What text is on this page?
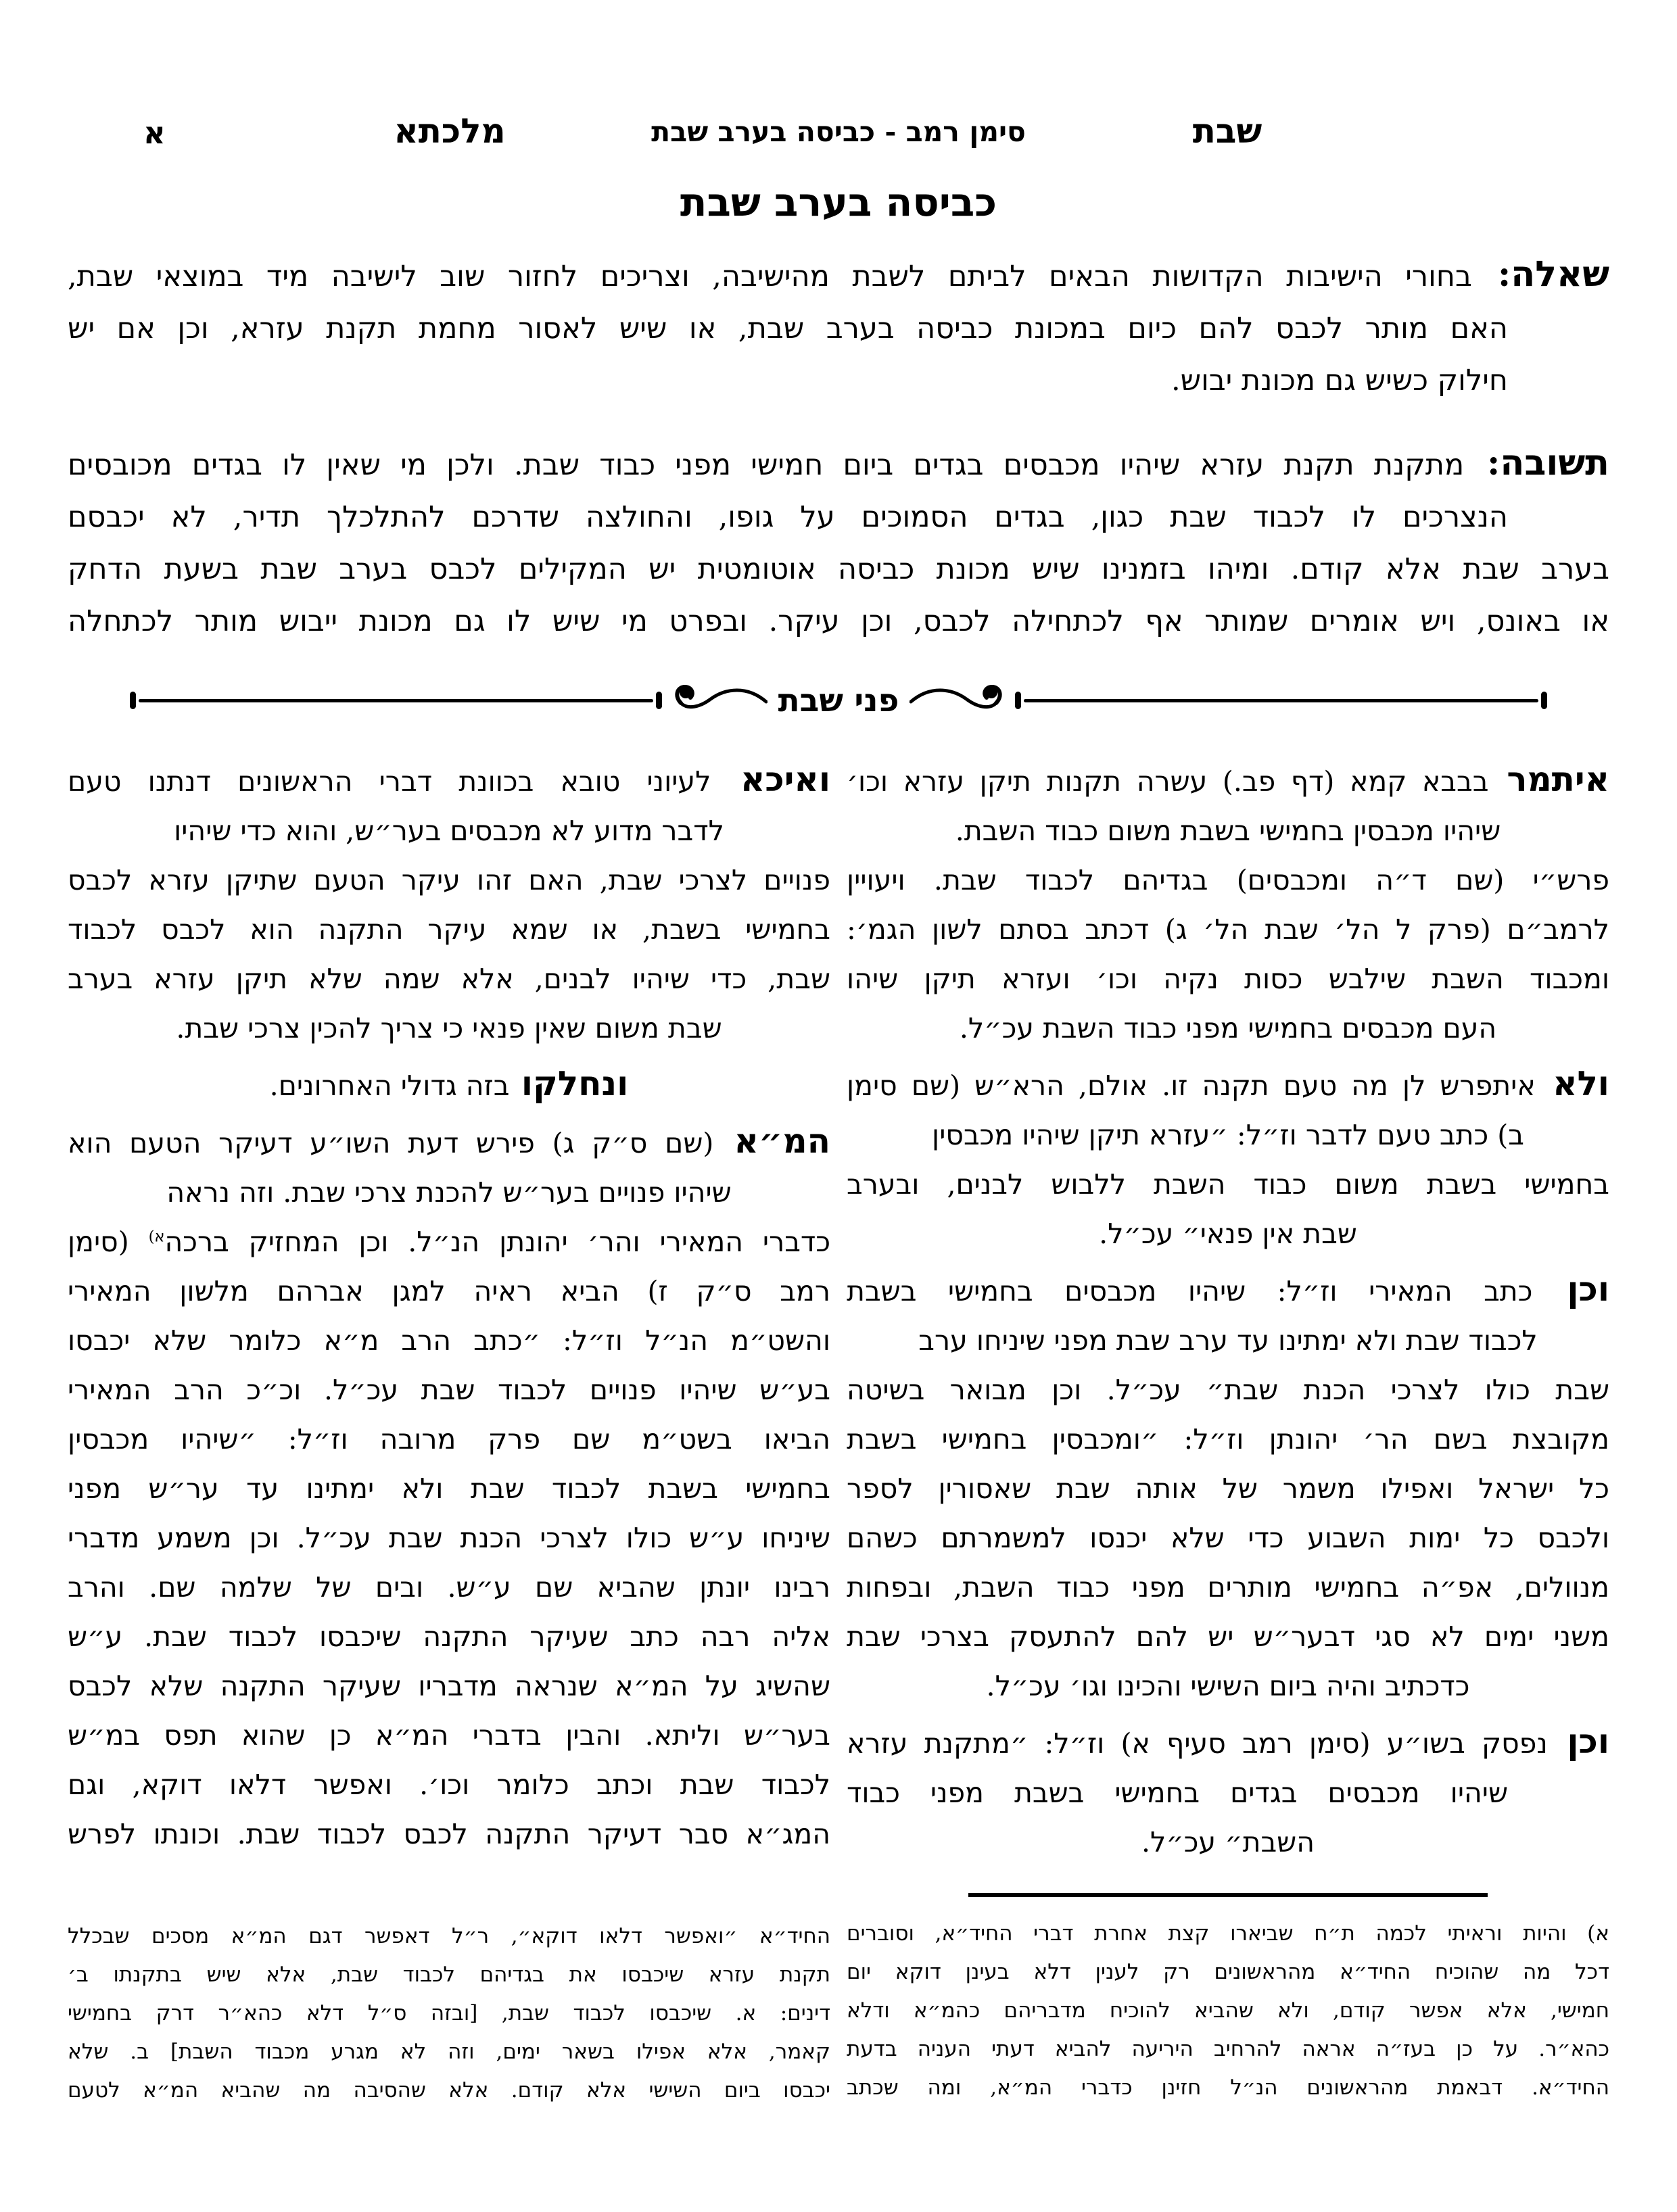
א	מלכתא	סימן רמב - כביסה בערב שבת	שבת
כביסה בערב שבת
שאלה: בחורי הישיבות הקדושות הבאים לביתם לשבת מהישיבה, וצריכים לחזור שוב לישיבה מיד במוצאי שבת,
האם מותר לכבס להם כיום במכונת כביסה בערב שבת, או שיש לאסור מחמת תקנת עזרא, וכן אם יש
חילוק כשיש גם מכונת יבוש.
תשובה: מתקנת תקנת עזרא שיהיו מכבסים בגדים ביום חמישי מפני כבוד שבת. ולכן מי שאין לו בגדים מכובסים
הנצרכים לו לכבוד שבת כגון, בגדים הסמוכים על גופו, והחולצה שדרכם להתלכלך תדיר, לא יכבסם
בערב שבת אלא קודם. ומיהו בזמנינו שיש מכונת כביסה אוטומטית יש המקילים לכבס בערב שבת בשעת הדחק
או באונס, ויש אומרים שמותר אף לכתחילה לכבס, וכן עיקר. ובפרט מי שיש לו גם מכונת ייבוש מותר לכתחלה
פני שבת
איתמר בבבא קמא (דף פב.) עשרה תקנות תיקן עזרא וכו׳
שיהיו מכבסין בחמישי בשבת משום כבוד השבת.
פרש״י (שם ד״ה ומכבסים) בגדיהם לכבוד שבת. ויעויין
לרמב״ם (פרק ל הל׳ שבת הל׳ ג) דכתב בסתם לשון הגמ׳:
ומכבוד השבת שילבש כסות נקיה וכו׳ ועזרא תיקן שיהו
העם מכבסים בחמישי מפני כבוד השבת עכ״ל.
ולא איתפרש לן מה טעם תקנה זו. אולם, הרא״ש (שם סימן
ב) כתב טעם לדבר וז״ל: ״עזרא תיקן שיהיו מכבסין
בחמישי בשבת משום כבוד השבת ללבוש לבנים, ובערב
שבת אין פנאי״ עכ״ל.
וכן כתב המאירי וז״ל: שיהיו מכבסים בחמישי בשבת
לכבוד שבת ולא ימתינו עד ערב שבת מפני שיניחו ערב
שבת כולו לצרכי הכנת שבת״ עכ״ל. וכן מבואר בשיטה
מקובצת בשם הר׳ יהונתן וז״ל: ״ומכבסין בחמישי בשבת
כל ישראל ואפילו משמר של אותה שבת שאסורין לספר
ולכבס כל ימות השבוע כדי שלא יכנסו למשמרתם כשהם
מנוולים, אפ״ה בחמישי מותרים מפני כבוד השבת, ובפחות
משני ימים לא סגי דבער״ש יש להם להתעסק בצרכי שבת
כדכתיב והיה ביום השישי והכינו וגו׳ עכ״ל.
וכן נפסק בשו״ע (סימן רמב סעיף א) וז״ל: ״מתקנת עזרא
שיהיו מכבסים בגדים בחמישי בשבת מפני כבוד
השבת״ עכ״ל.
א) והיות וראיתי לכמה ת״ח שביארו קצת אחרת דברי החיד״א, וסוברים
דכל מה שהוכיח החיד״א מהראשונים רק לענין דלא בעינן דוקא יום
חמישי, אלא אפשר קודם, ולא שהביא להוכיח מדבריהם כהמ״א ודלא
כהא״ר. על כן בעז״ה אראה להרחיב היריעה להביא דעתי העניה בדעת
החיד״א. דבאמת מהראשונים הנ״ל חזינן כדברי המ״א, ומה שכתב
ואיכא לעיוני טובא בכוונת דברי הראשונים דנתנו טעם
לדבר מדוע לא מכבסים בער״ש, והוא כדי שיהיו
פנויים לצרכי שבת, האם זהו עיקר הטעם שתיקן עזרא לכבס
בחמישי בשבת, או שמא עיקר התקנה הוא לכבס לכבוד
שבת, כדי שיהיו לבנים, אלא שמה שלא תיקן עזרא בערב
שבת משום שאין פנאי כי צריך להכין צרכי שבת.
ונחלקו בזה גדולי האחרונים.
המ״א (שם ס״ק ג) פירש דעת השו״ע דעיקר הטעם הוא
שיהיו פנויים בער״ש להכנת צרכי שבת. וזה נראה
כדברי המאירי והר׳ יהונתן הנ״ל. וכן המחזיק ברכה$^{א)}$ (סימן
רמב ס״ק ז) הביא ראיה למגן אברהם מלשון המאירי
והשט״מ הנ״ל וז״ל: ״כתב הרב מ״א כלומר שלא יכבסו
בע״ש שיהיו פנויים לכבוד שבת עכ״ל. וכ״כ הרב המאירי
הביאו בשט״מ שם פרק מרובה וז״ל: ״שיהיו מכבסין
בחמישי בשבת לכבוד שבת ולא ימתינו עד ער״ש מפני
שיניחו ע״ש כולו לצרכי הכנת שבת עכ״ל. וכן משמע מדברי
רבינו יונתן שהביא שם ע״ש. ובים של שלמה שם. והרב
אליה רבה כתב שעיקר התקנה שיכבסו לכבוד שבת. ע״ש
שהשיג על המ״א שנראה מדבריו שעיקר התקנה שלא לכבס
בער״ש וליתא. והבין בדברי המ״א כן שהוא תפס במ״ש
לכבוד שבת וכתב כלומר וכו׳. ואפשר דלאו דוקא, וגם
המג״א סבר דעיקר התקנה לכבס לכבוד שבת. וכונתו לפרש
החיד״א ״ואפשר דלאו דוקא״, ר״ל דאפשר דגם המ״א מסכים שבכלל
תקנת עזרא שיכבסו את בגדיהם לכבוד שבת, אלא שיש בתקנתו ב׳
דינים: א. שיכבסו לכבוד שבת, [ובזה ס״ל דלא כהא״ר דרק בחמישי
קאמר, אלא אפילו בשאר ימים, וזה לא מגרע מכבוד השבת] ב. שלא
יכבסו ביום השישי אלא קודם. אלא שהסיבה מה שהביא המ״א לטעם
